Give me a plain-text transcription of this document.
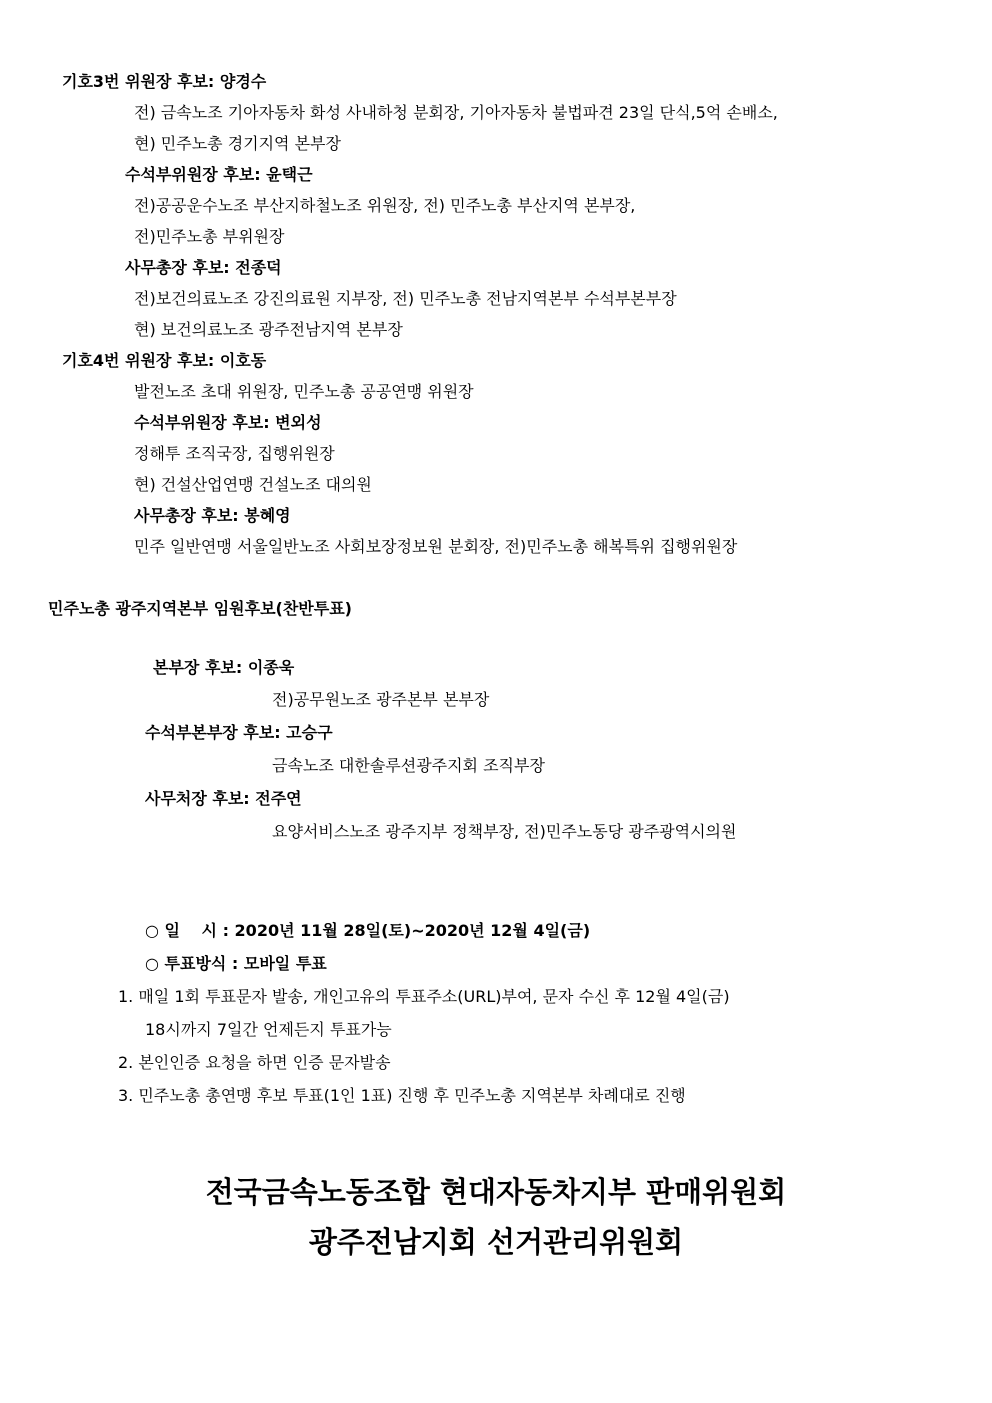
기호3번 위원장 후보: 양경수
전) 금속노조 기아자동차 화성 사내하청 분회장, 기아자동차 불법파견 23일 단식,5억 손배소,
현) 민주노총 경기지역 본부장
수석부위원장 후보: 윤택근
전)공공운수노조 부산지하철노조 위원장, 전) 민주노총 부산지역 본부장,
전)민주노총 부위원장
사무총장 후보: 전종덕
전)보건의료노조 강진의료원 지부장, 전) 민주노총 전남지역본부 수석부본부장
현) 보건의료노조 광주전남지역 본부장
기호4번 위원장 후보: 이호동
발전노조 초대 위원장, 민주노총 공공연맹 위원장
수석부위원장 후보: 변외성
정해투 조직국장, 집행위원장
현) 건설산업연맹 건설노조 대의원
사무총장 후보: 봉혜영
민주 일반연맹 서울일반노조 사회보장정보원 분회장, 전)민주노총 해복특위 집행위원장
민주노총 광주지역본부 임원후보(찬반투표)
본부장 후보: 이종욱
전)공무원노조 광주본부 본부장
수석부본부장 후보: 고승구
금속노조 대한솔루션광주지회 조직부장
사무처장 후보: 전주연
요양서비스노조 광주지부 정책부장, 전)민주노동당 광주광역시의원
○ 일　 시 : 2020년 11월 28일(토)~2020년 12월 4일(금)
○ 투표방식 : 모바일 투표
1. 매일 1회 투표문자 발송, 개인고유의 투표주소(URL)부여, 문자 수신 후 12월 4일(금)
18시까지 7일간 언제든지 투표가능
2. 본인인증 요청을 하면 인증 문자발송
3. 민주노총 총연맹 후보 투표(1인 1표) 진행 후 민주노총 지역본부 차례대로 진행
전국금속노동조합 현대자동차지부 판매위원회
광주전남지회 선거관리위원회
